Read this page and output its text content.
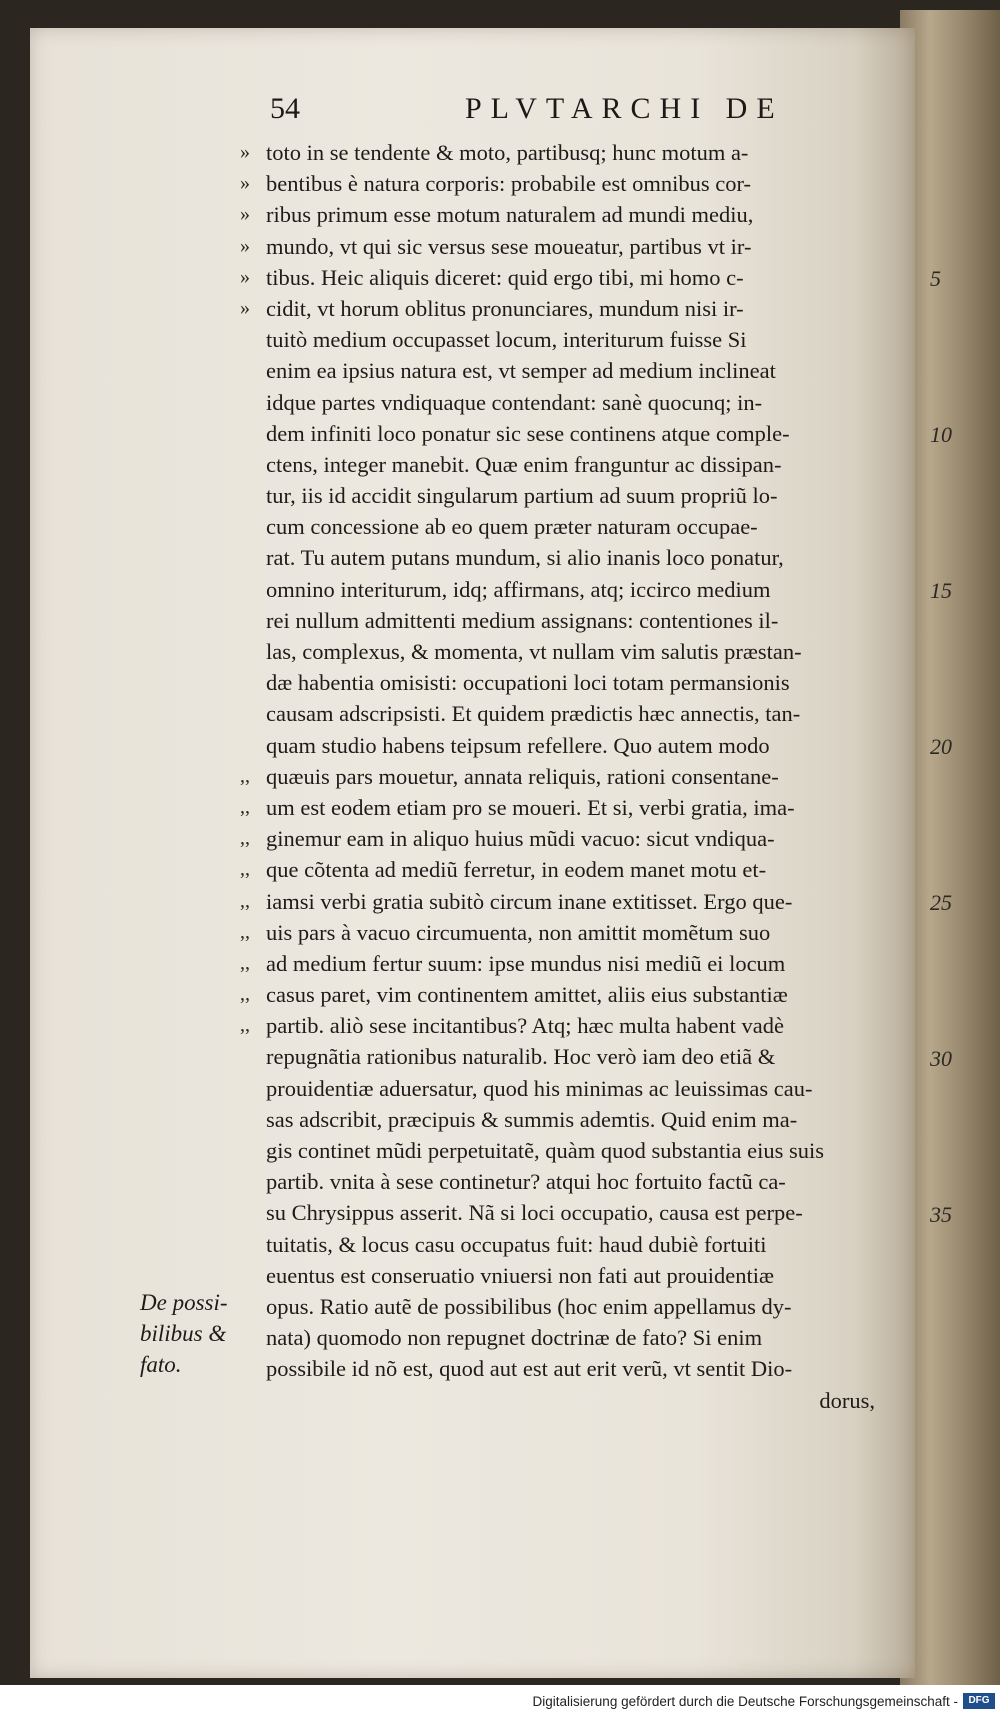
54	PLVTARCHI DE
» toto in se tendente & moto, partibusq; hunc motum a-
» bentibus è natura corporis: probabile est omnibus cor-
» ribus primum esse motum naturalem ad mundi mediu,
» mundo, vt qui sic versus sese moueatur, partibus vt ir-
» tibus. Heic aliquis diceret: quid ergo tibi, mi homo c-
» cidit, vt horum oblitus pronunciares, mundum nisi ir-
tuitò medium occupasset locum, interiturum fuisse Si
enim ea ipsius natura est, vt semper ad medium inclineat
idque partes vndiquaque contendant: sanè quocunq; in-
dem infiniti loco ponatur sic sese continens atque comple-
ctens, integer manebit. Quæ enim franguntur ac dissipan-
tur, iis id accidit singularum partium ad suum propriũ lo-
cum concessione ab eo quem præter naturam occupae-
rat. Tu autem putans mundum, si alio inanis loco ponatur,
omnino interiturum, idq; affirmans, atq; iccirco medium
rei nullum admittenti medium assignans: contentiones il-
las, complexus, & momenta, vt nullam vim salutis præstan-
dæ habentia omisisti: occupationi loci totam permansionis
causam adscripsisti. Et quidem prædictis hæc annectis, tan-
quam studio habens teipsum refellere. Quo autem modo
,, quæuis pars mouetur, annata reliquis, rationi consentane-
,, um est eodem etiam pro se moueri. Et si, verbi gratia, ima-
,, ginemur eam in aliquo huius mũdi vacuo: sicut vndiqua-
,, que cõtenta ad mediũ ferretur, in eodem manet motu et-
,, iamsi verbi gratia subitò circum inane extitisset. Ergo que-
,, uis pars à vacuo circumuenta, non amittit momẽtum suo
,, ad medium fertur suum: ipse mundus nisi mediũ ei locum
,, casus paret, vim continentem amittet, aliis eius substantiæ
,, partib. aliò sese incitantibus? Atq; hæc multa habent vadè
repugnãtia rationibus naturalib. Hoc verò iam deo etiã &
prouidentiæ aduersatur, quod his minimas ac leuissimas cau-
sas adscribit, præcipuis & summis ademtis. Quid enim ma-
gis continet mũdi perpetuitatẽ, quàm quod substantia eius suis
partib. vnita à sese continetur? atqui hoc fortuito factũ ca-
su Chrysippus asserit. Nã si loci occupatio, causa est perpe-
tuitatis, & locus casu occupatus fuit: haud dubiè fortuiti
euentus est conseruatio vniuersi non fati aut prouidentiæ
opus. Ratio autẽ de possibilibus (hoc enim appellamus dy-
nata) quomodo non repugnet doctrinæ de fato? Si enim
possibile id nõ est, quod aut est aut erit verũ, vt sentit Dio-
dorus,
5
10
15
20
25
30
35
De possi-
bilibus &
fato.
Digitalisierung gefördert durch die Deutsche Forschungsgemeinschaft -	DFG
